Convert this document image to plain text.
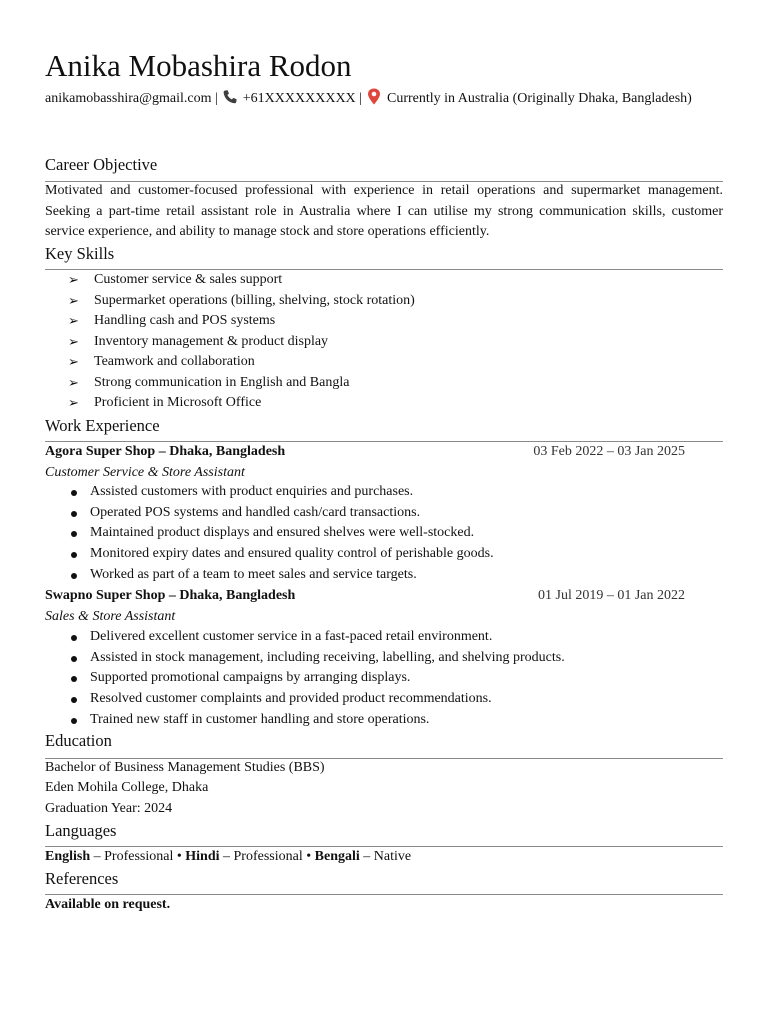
Anika Mobashira Rodon
anikamobasshira@gmail.com | +61XXXXXXXXX | Currently in Australia (Originally Dhaka, Bangladesh)
Career Objective
Motivated and customer-focused professional with experience in retail operations and supermarket management. Seeking a part-time retail assistant role in Australia where I can utilise my strong communication skills, customer service experience, and ability to manage stock and store operations efficiently.
Key Skills
➢ Customer service & sales support
➢ Supermarket operations (billing, shelving, stock rotation)
➢ Handling cash and POS systems
➢ Inventory management & product display
➢ Teamwork and collaboration
➢ Strong communication in English and Bangla
➢ Proficient in Microsoft Office
Work Experience
Agora Super Shop – Dhaka, Bangladesh	03 Feb 2022 – 03 Jan 2025
Customer Service & Store Assistant
Assisted customers with product enquiries and purchases.
Operated POS systems and handled cash/card transactions.
Maintained product displays and ensured shelves were well-stocked.
Monitored expiry dates and ensured quality control of perishable goods.
Worked as part of a team to meet sales and service targets.
Swapno Super Shop – Dhaka, Bangladesh	01 Jul 2019 – 01 Jan 2022
Sales & Store Assistant
Delivered excellent customer service in a fast-paced retail environment.
Assisted in stock management, including receiving, labelling, and shelving products.
Supported promotional campaigns by arranging displays.
Resolved customer complaints and provided product recommendations.
Trained new staff in customer handling and store operations.
Education
Bachelor of Business Management Studies (BBS)
Eden Mohila College, Dhaka
Graduation Year: 2024
Languages
English – Professional • Hindi – Professional • Bengali – Native
References
Available on request.
